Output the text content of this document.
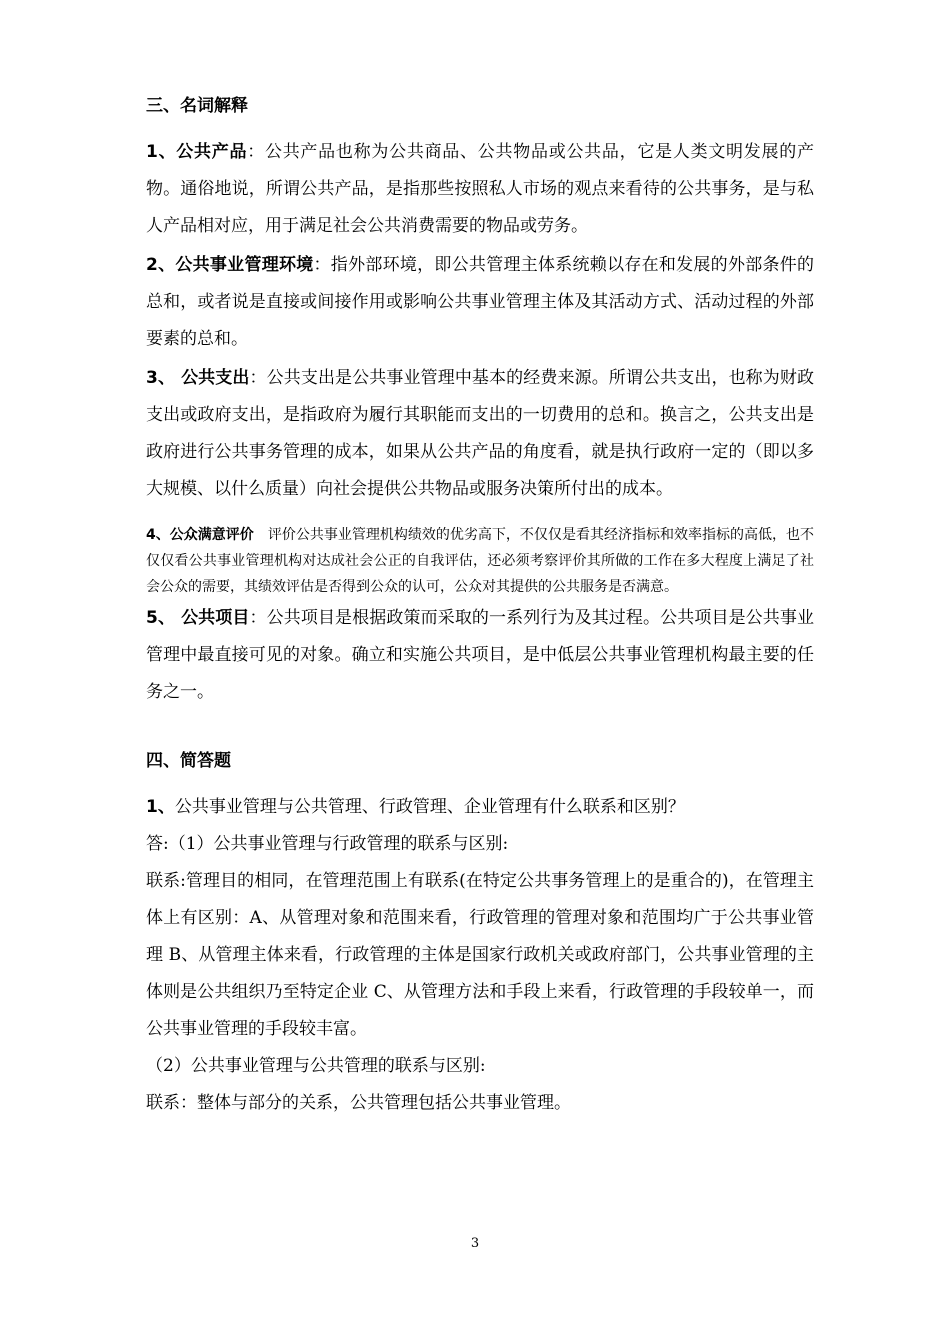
三、名词解释

1、公共产品：公共产品也称为公共商品、公共物品或公共品，它是人类文明发展的产物。通俗地说，所谓公共产品，是指那些按照私人市场的观点来看待的公共事务，是与私人产品相对应，用于满足社会公共消费需要的物品或劳务。

2、公共事业管理环境：指外部环境，即公共管理主体系统赖以存在和发展的外部条件的总和，或者说是直接或间接作用或影响公共事业管理主体及其活动方式、活动过程的外部要素的总和。

3、 公共支出：公共支出是公共事业管理中基本的经费来源。所谓公共支出，也称为财政支出或政府支出，是指政府为履行其职能而支出的一切费用的总和。换言之，公共支出是政府进行公共事务管理的成本，如果从公共产品的角度看，就是执行政府一定的（即以多大规模、以什么质量）向社会提供公共物品或服务决策所付出的成本。

4、公众满意评价　 评价公共事业管理机构绩效的优劣高下，不仅仅是看其经济指标和效率指标的高低，也不仅仅看公共事业管理机构对达成社会公正的自我评估，还必须考察评价其所做的工作在多大程度上满足了社会公众的需要，其绩效评估是否得到公众的认可，公众对其提供的公共服务是否满意。

5、 公共项目：公共项目是根据政策而采取的一系列行为及其过程。公共项目是公共事业管理中最直接可见的对象。确立和实施公共项目，是中低层公共事业管理机构最主要的任务之一。

四、简答题

1、公共事业管理与公共管理、行政管理、企业管理有什么联系和区别？

答:（1）公共事业管理与行政管理的联系与区别:

联系:管理目的相同，在管理范围上有联系(在特定公共事务管理上的是重合的)，在管理主体上有区别：A、从管理对象和范围来看，行政管理的管理对象和范围均广于公共事业管理 B、从管理主体来看，行政管理的主体是国家行政机关或政府部门，公共事业管理的主体则是公共组织乃至特定企业 C、从管理方法和手段上来看，行政管理的手段较单一，而公共事业管理的手段较丰富。

（2）公共事业管理与公共管理的联系与区别:

联系：整体与部分的关系，公共管理包括公共事业管理。

3
